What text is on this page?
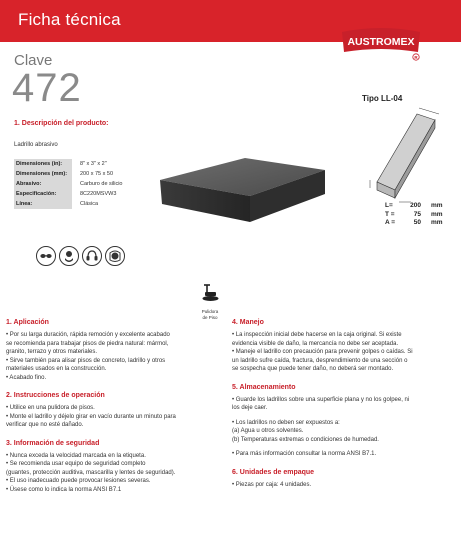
Ficha técnica
AUSTROMEX
R
Clave
472
1. Descripción del producto:
Ladrillo abrasivo
Dimensiones (in):	8" x 3" x 2"
Dimensiones (mm):	200 x 75 x 50
Abrasivo:	Carburo de silicio
Especificación:	8C220MSVW3
Línea:	Clásica
Tipo LL-04
L=	200 mm
T =	75 mm
A =	50 mm
Pulidora
de Piso
1. Aplicación
• Por su larga duración, rápida remoción y excelente acabado
se recomienda para trabajar pisos de piedra natural: mármol,
granito, terrazo y otros materiales.
• Sirve también para alisar pisos de concreto, ladrillo y otros
materiales usados en la construcción.
• Acabado fino.
2. Instrucciones de operación
• Utilice en una pulidora de pisos.
• Monte el ladrillo y déjelo girar en vacío durante un minuto para
verificar que no esté dañado.
3. Información de seguridad
• Nunca exceda la velocidad marcada en la etiqueta.
• Se recomienda usar equipo de seguridad completo
(guantes, protección auditiva, mascarilla y lentes de seguridad).
• El uso inadecuado puede provocar lesiones severas.
• Úsese como lo indica la norma ANSI B7.1
4. Manejo
• La inspección inicial debe hacerse en la caja original. Si existe
evidencia visible de daño, la mercancía no debe ser aceptada.
• Maneje el ladrillo con precaución para prevenir golpes o caídas. Si
un ladrillo sufre caída, fractura, desprendimiento de una sección o
se sospecha que puede tener daño, no deberá ser montado.
5. Almacenamiento
• Guarde los ladrillos sobre una superficie plana y no los golpee, ni
los deje caer.
• Los ladrillos no deben ser expuestos a:
(a) Agua u otros solventes.
(b) Temperaturas extremas o condiciones de humedad.
• Para más información consultar la norma ANSI B7.1.
6. Unidades de empaque
• Piezas por caja: 4 unidades.
